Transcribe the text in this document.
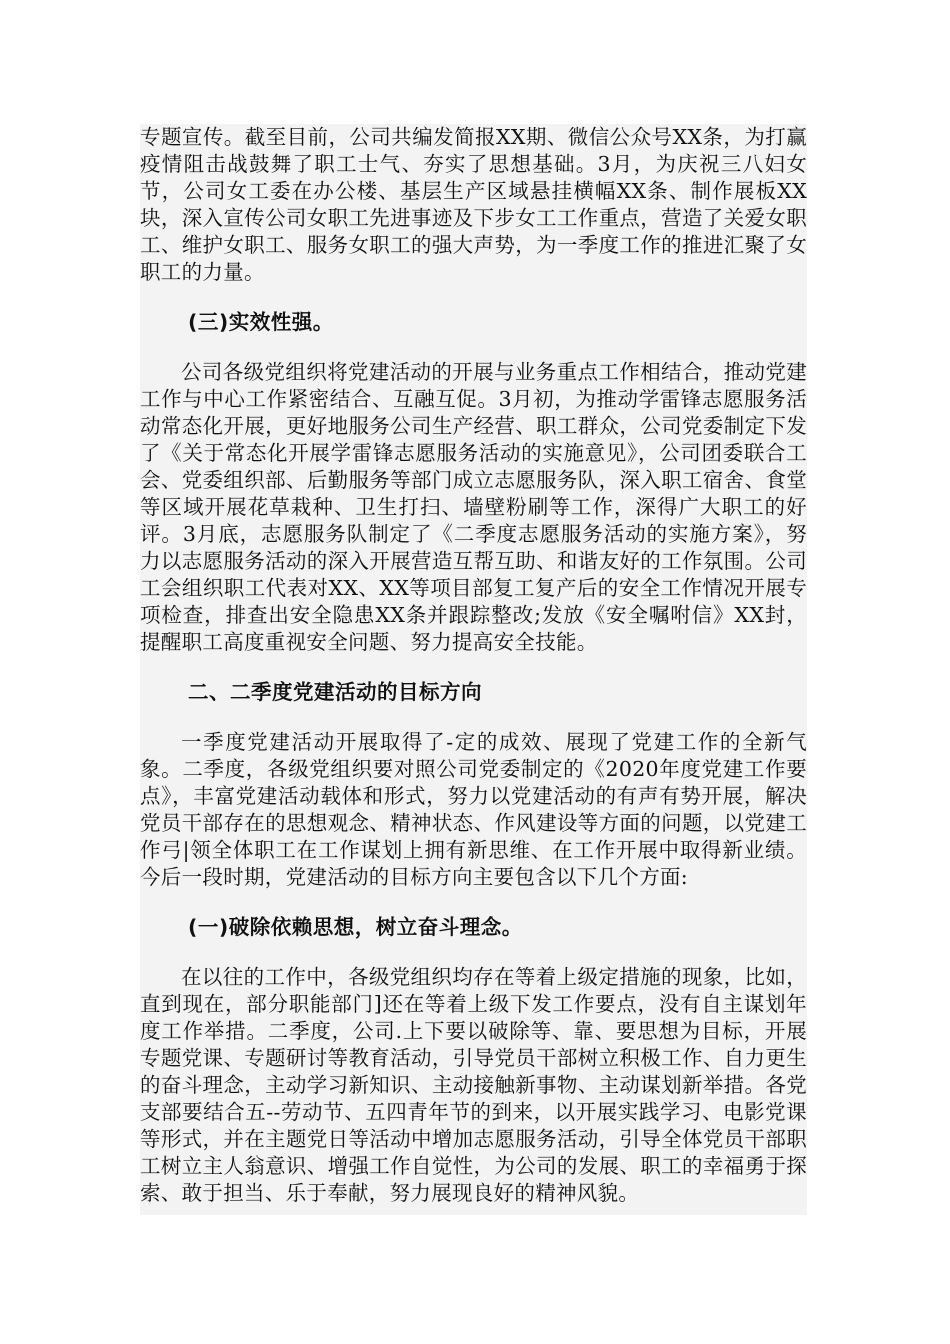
专题宣传。截至目前，公司共编发简报XX期、微信公众号XX条，为打赢疫情阻击战鼓舞了职工士气、夯实了思想基础。3月，为庆祝三八妇女节，公司女工委在办公楼、基层生产区域悬挂横幅XX条、制作展板XX块，深入宣传公司女职工先进事迹及下步女工工作重点，营造了关爱女职工、维护女职工、服务女职工的强大声势，为一季度工作的推进汇聚了女职工的力量。

(三)实效性强。

公司各级党组织将党建活动的开展与业务重点工作相结合，推动党建工作与中心工作紧密结合、互融互促。3月初，为推动学雷锋志愿服务活动常态化开展，更好地服务公司生产经营、职工群众，公司党委制定下发了《关于常态化开展学雷锋志愿服务活动的实施意见》，公司团委联合工会、党委组织部、后勤服务等部门成立志愿服务队，深入职工宿舍、食堂等区域开展花草栽种、卫生打扫、墙壁粉刷等工作，深得广大职工的好评。3月底，志愿服务队制定了《二季度志愿服务活动的实施方案》，努力以志愿服务活动的深入开展营造互帮互助、和谐友好的工作氛围。公司工会组织职工代表对XX、XX等项目部复工复产后的安全工作情况开展专项检查，排查出安全隐患XX条并跟踪整改;发放《安全嘱咐信》XX封，提醒职工高度重视安全问题、努力提高安全技能。

二、二季度党建活动的目标方向

一季度党建活动开展取得了-定的成效、展现了党建工作的全新气象。二季度，各级党组织要对照公司党委制定的《2020年度党建工作要点》，丰富党建活动载体和形式，努力以党建活动的有声有势开展，解决党员干部存在的思想观念、精神状态、作风建设等方面的问题，以党建工作弓|领全体职工在工作谋划上拥有新思维、在工作开展中取得新业绩。今后一段时期，党建活动的目标方向主要包含以下几个方面:

(一)破除依赖思想，树立奋斗理念。

在以往的工作中，各级党组织均存在等着上级定措施的现象，比如，直到现在，部分职能部门]还在等着上级下发工作要点，没有自主谋划年度工作举措。二季度，公司.上下要以破除等、靠、要思想为目标，开展专题党课、专题研讨等教育活动，引导党员干部树立积极工作、自力更生的奋斗理念，主动学习新知识、主动接触新事物、主动谋划新举措。各党支部要结合五--劳动节、五四青年节的到来，以开展实践学习、电影党课等形式，并在主题党日等活动中增加志愿服务活动，引导全体党员干部职工树立主人翁意识、增强工作自觉性，为公司的发展、职工的幸福勇于探索、敢于担当、乐于奉献，努力展现良好的精神风貌。
